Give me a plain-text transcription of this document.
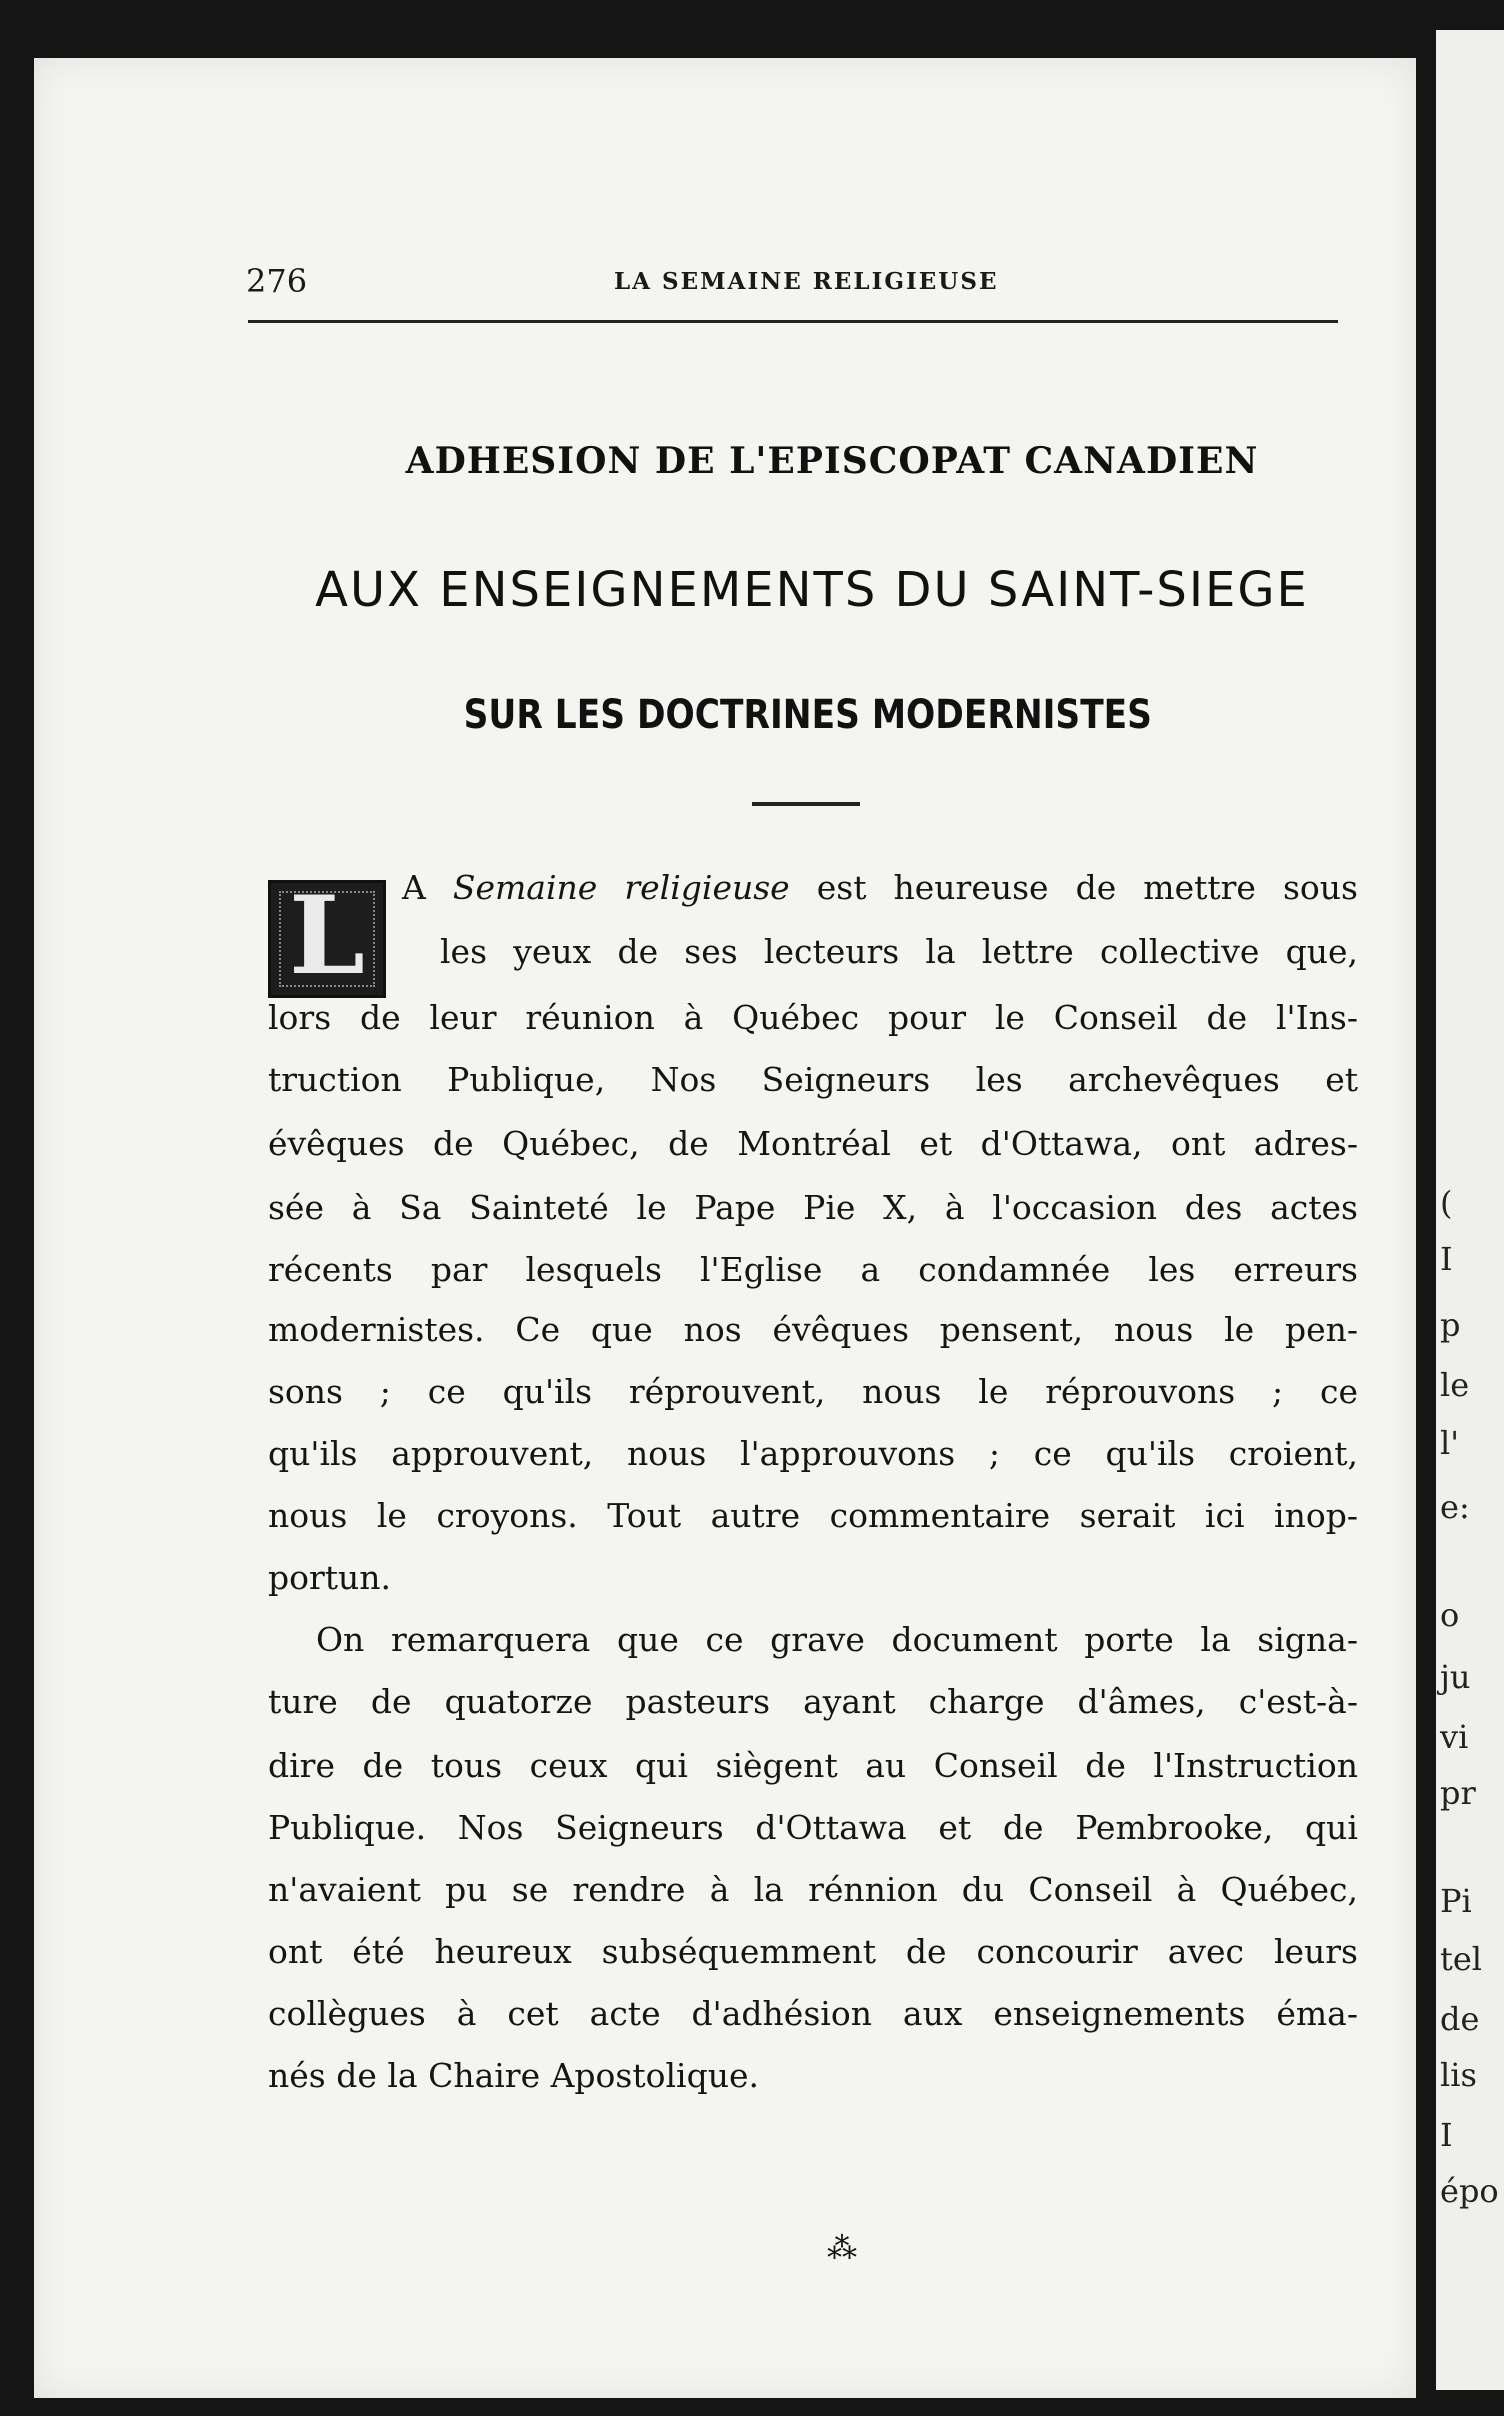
(
I
p
le
l'
e:
o
ju
vi
pr
Pi
tel
de
lis
I
épo
276	LA SEMAINE RELIGIEUSE
ADHESION DE L'EPISCOPAT CANADIEN
AUX ENSEIGNEMENTS DU SAINT-SIEGE
SUR LES DOCTRINES MODERNISTES
L	A Semaine religieuse est heureuse de mettre sous
les yeux de ses lecteurs la lettre collective que,
lors de leur réunion à Québec pour le Conseil de l'Ins-
truction Publique, Nos Seigneurs les archevêques et
évêques de Québec, de Montréal et d'Ottawa, ont adres-
sée à Sa Sainteté le Pape Pie X, à l'occasion des actes
récents par lesquels l'Eglise a condamnée les erreurs
modernistes. Ce que nos évêques pensent, nous le pen-
sons ; ce qu'ils réprouvent, nous le réprouvons ; ce
qu'ils approuvent, nous l'approuvons ; ce qu'ils croient,
nous le croyons. Tout autre commentaire serait ici inop-
portun.
On remarquera que ce grave document porte la signa-
ture de quatorze pasteurs ayant charge d'âmes, c'est-à-
dire de tous ceux qui siègent au Conseil de l'Instruction
Publique. Nos Seigneurs d'Ottawa et de Pembrooke, qui
n'avaient pu se rendre à la rénnion du Conseil à Québec,
ont été heureux subséquemment de concourir avec leurs
collègues à cet acte d'adhésion aux enseignements éma-
nés de la Chaire Apostolique.
⁂
